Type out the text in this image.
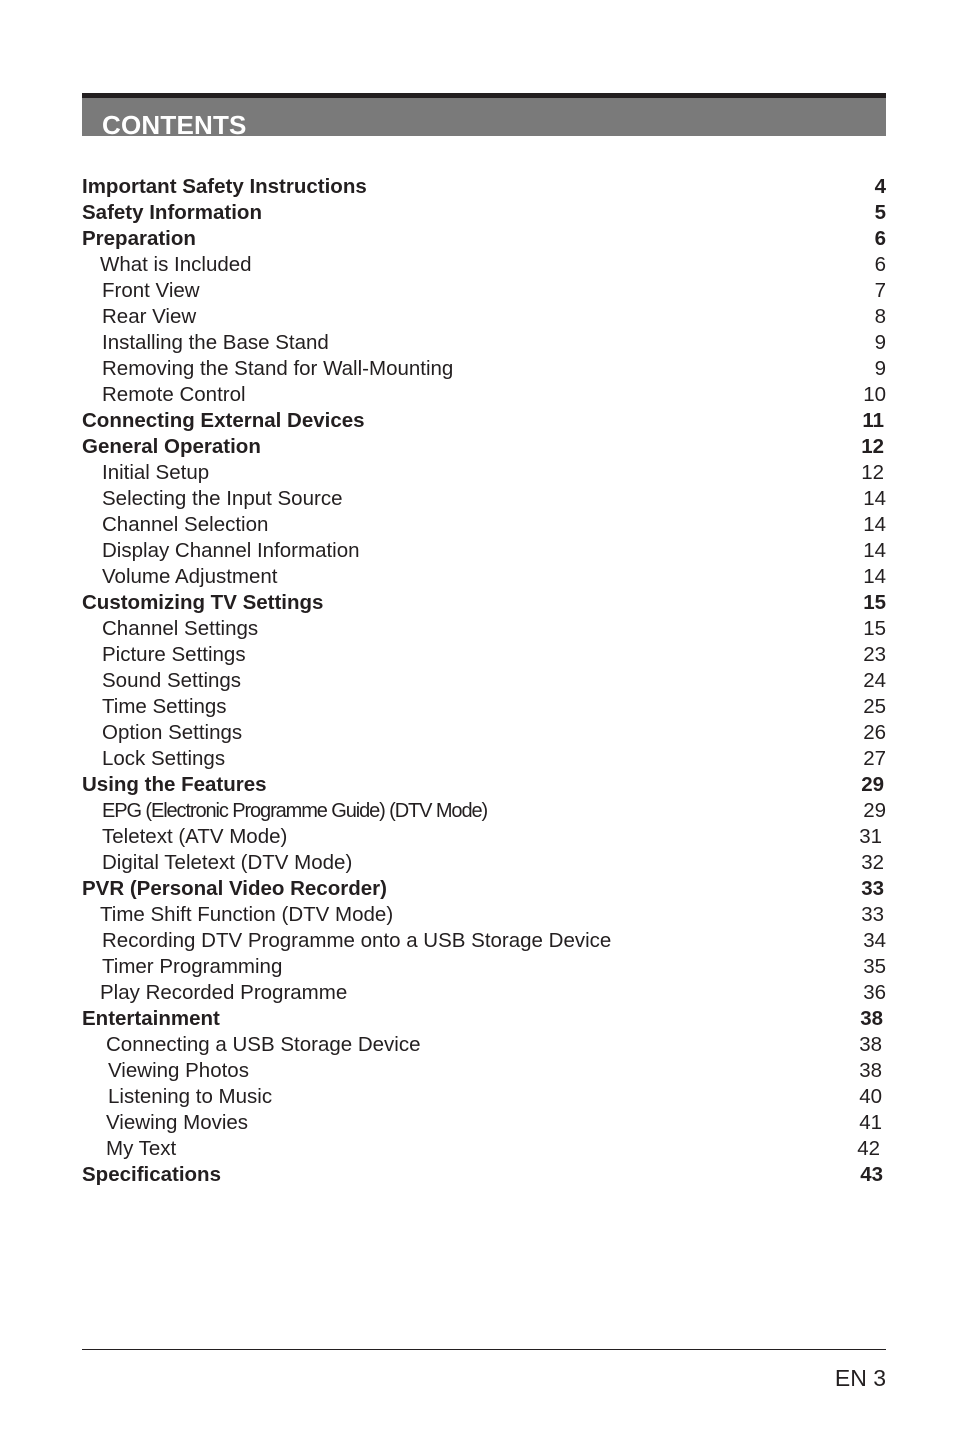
CONTENTS
Important Safety Instructions	4
Safety Information	5
Preparation	6
What is Included	6
Front View	7
Rear View	8
Installing the Base Stand	9
Removing the Stand for Wall-Mounting	9
Remote Control	10
Connecting External Devices	11
General Operation	12
Initial Setup	12
Selecting the Input Source	14
Channel Selection	14
Display Channel Information	14
Volume Adjustment	14
Customizing TV Settings	15
Channel Settings	15
Picture Settings	23
Sound Settings	24
Time Settings	25
Option Settings	26
Lock Settings	27
Using the Features	29
EPG (Electronic Programme Guide) (DTV Mode)	29
Teletext (ATV Mode)	31
Digital Teletext (DTV Mode)	32
PVR (Personal Video Recorder)	33
Time Shift Function (DTV Mode)	33
Recording DTV Programme onto a USB Storage Device	34
Timer Programming	35
Play Recorded Programme	36
Entertainment	38
Connecting a USB Storage Device	38
Viewing Photos	38
Listening to Music	40
Viewing Movies	41
My Text	42
Specifications	43
EN 3
